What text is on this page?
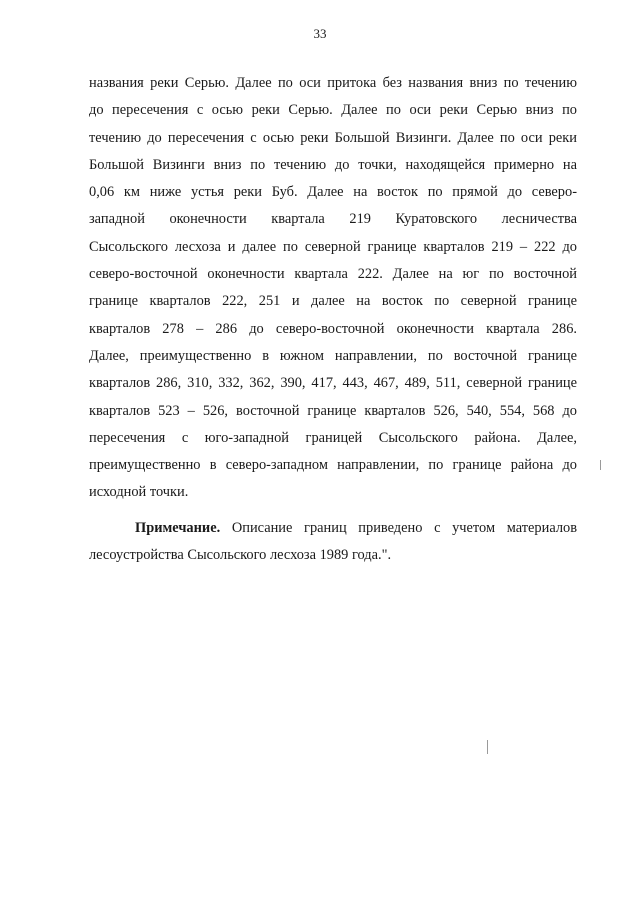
33
названия реки Серью. Далее по оси притока без названия вниз по течению
до пересечения с осью реки Серью. Далее по оси реки Серью вниз по
течению до пересечения с осью реки Большой Визинги. Далее по оси реки
Большой Визинги вниз по течению до точки, находящейся примерно на
0,06 км ниже устья реки Буб. Далее на восток по прямой до северо-
западной оконечности квартала 219 Куратовского лесничества
Сысольского лесхоза и далее по северной границе кварталов 219 – 222 до
северо-восточной оконечности квартала 222. Далее на юг по восточной
границе кварталов 222, 251 и далее на восток по северной границе
кварталов 278 – 286 до северо-восточной оконечности квартала 286.
Далее, преимущественно в южном направлении, по восточной границе
кварталов 286, 310, 332, 362, 390, 417, 443, 467, 489, 511, северной границе
кварталов 523 – 526, восточной границе кварталов 526, 540, 554, 568 до
пересечения с юго-западной границей Сысольского района. Далее,
преимущественно в северо-западном направлении, по границе района до
исходной точки.
Примечание. Описание границ приведено с учетом материалов
лесоустройства Сысольского лесхоза 1989 года.".
